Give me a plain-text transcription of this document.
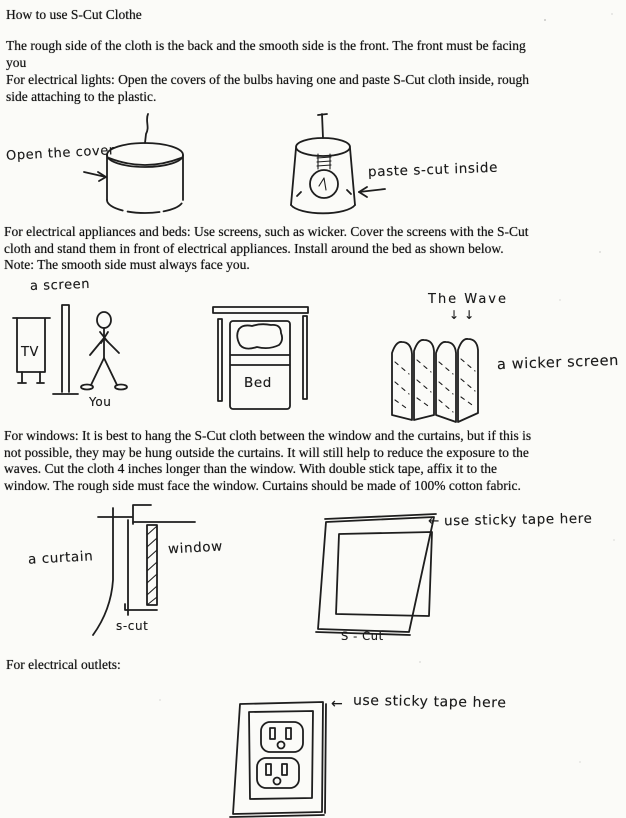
How to use S-Cut Clothe
The rough side of the cloth is the back and the smooth side is the front. The front must be facing
you
For electrical lights: Open the covers of the bulbs having one and paste S-Cut cloth inside, rough
side attaching to the plastic.
For electrical appliances and beds: Use screens, such as wicker. Cover the screens with the S-Cut
cloth and stand them in front of electrical appliances. Install around the bed as shown below.
Note: The smooth side must always face you.
For windows: It is best to hang the S-Cut cloth between the window and the curtains, but if this is
not possible, they may be hung outside the curtains. It will still help to reduce the exposure to the
waves. Cut the cloth 4 inches longer than the window. With double stick tape, affix it to the
window. The rough side must face the window. Curtains should be made of 100% cotton fabric.
For electrical outlets:
Open the cover
paste s-cut inside
a screen
TV
You
Bed
The Wave
↓ ↓
a wicker screen
a curtain
window
s-cut
← use sticky tape here
S - Cut
← use sticky tape here
